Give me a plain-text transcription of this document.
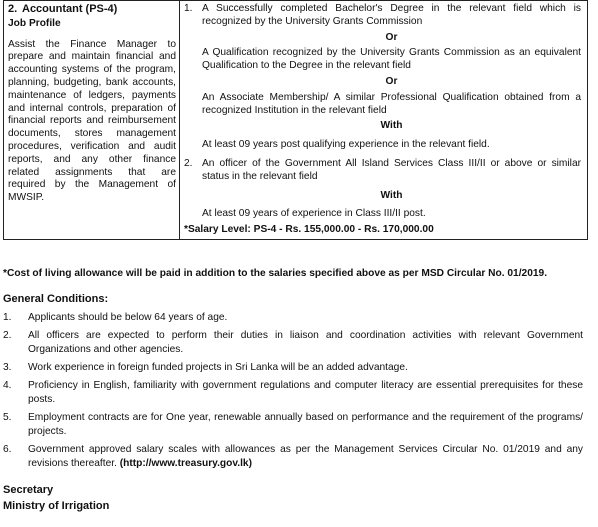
2. Accountant (PS-4)
Job Profile
Assist the Finance Manager to prepare and maintain financial and accounting systems of the program, planning, budgeting, bank accounts, maintenance of ledgers, payments and internal controls, preparation of financial reports and reimbursement documents, stores management procedures, verification and audit reports, and any other finance related assignments that are required by the Management of MWSIP.

1. A Successfully completed Bachelor's Degree in the relevant field which is recognized by the University Grants Commission
Or
A Qualification recognized by the University Grants Commission as an equivalent Qualification to the Degree in the relevant field
Or
An Associate Membership/ A similar Professional Qualification obtained from a recognized Institution in the relevant field
With
At least 09 years post qualifying experience in the relevant field.
2. An officer of the Government All Island Services Class III/II or above or similar status in the relevant field
With
At least 09 years of experience in Class III/II post.
*Salary Level: PS-4 - Rs. 155,000.00 - Rs. 170,000.00
*Cost of living allowance will be paid in addition to the salaries specified above as per MSD Circular No. 01/2019.
General Conditions:
1.	Applicants should be below 64 years of age.
2.	All officers are expected to perform their duties in liaison and coordination activities with relevant Government Organizations and other agencies.
3.	Work experience in foreign funded projects in Sri Lanka will be an added advantage.
4.	Proficiency in English, familiarity with government regulations and computer literacy are essential prerequisites for these posts.
5.	Employment contracts are for One year, renewable annually based on performance and the requirement of the programs/ projects.
6.	Government approved salary scales with allowances as per the Management Services Circular No. 01/2019 and any revisions thereafter. (http://www.treasury.gov.lk)
Secretary
Ministry of Irrigation
